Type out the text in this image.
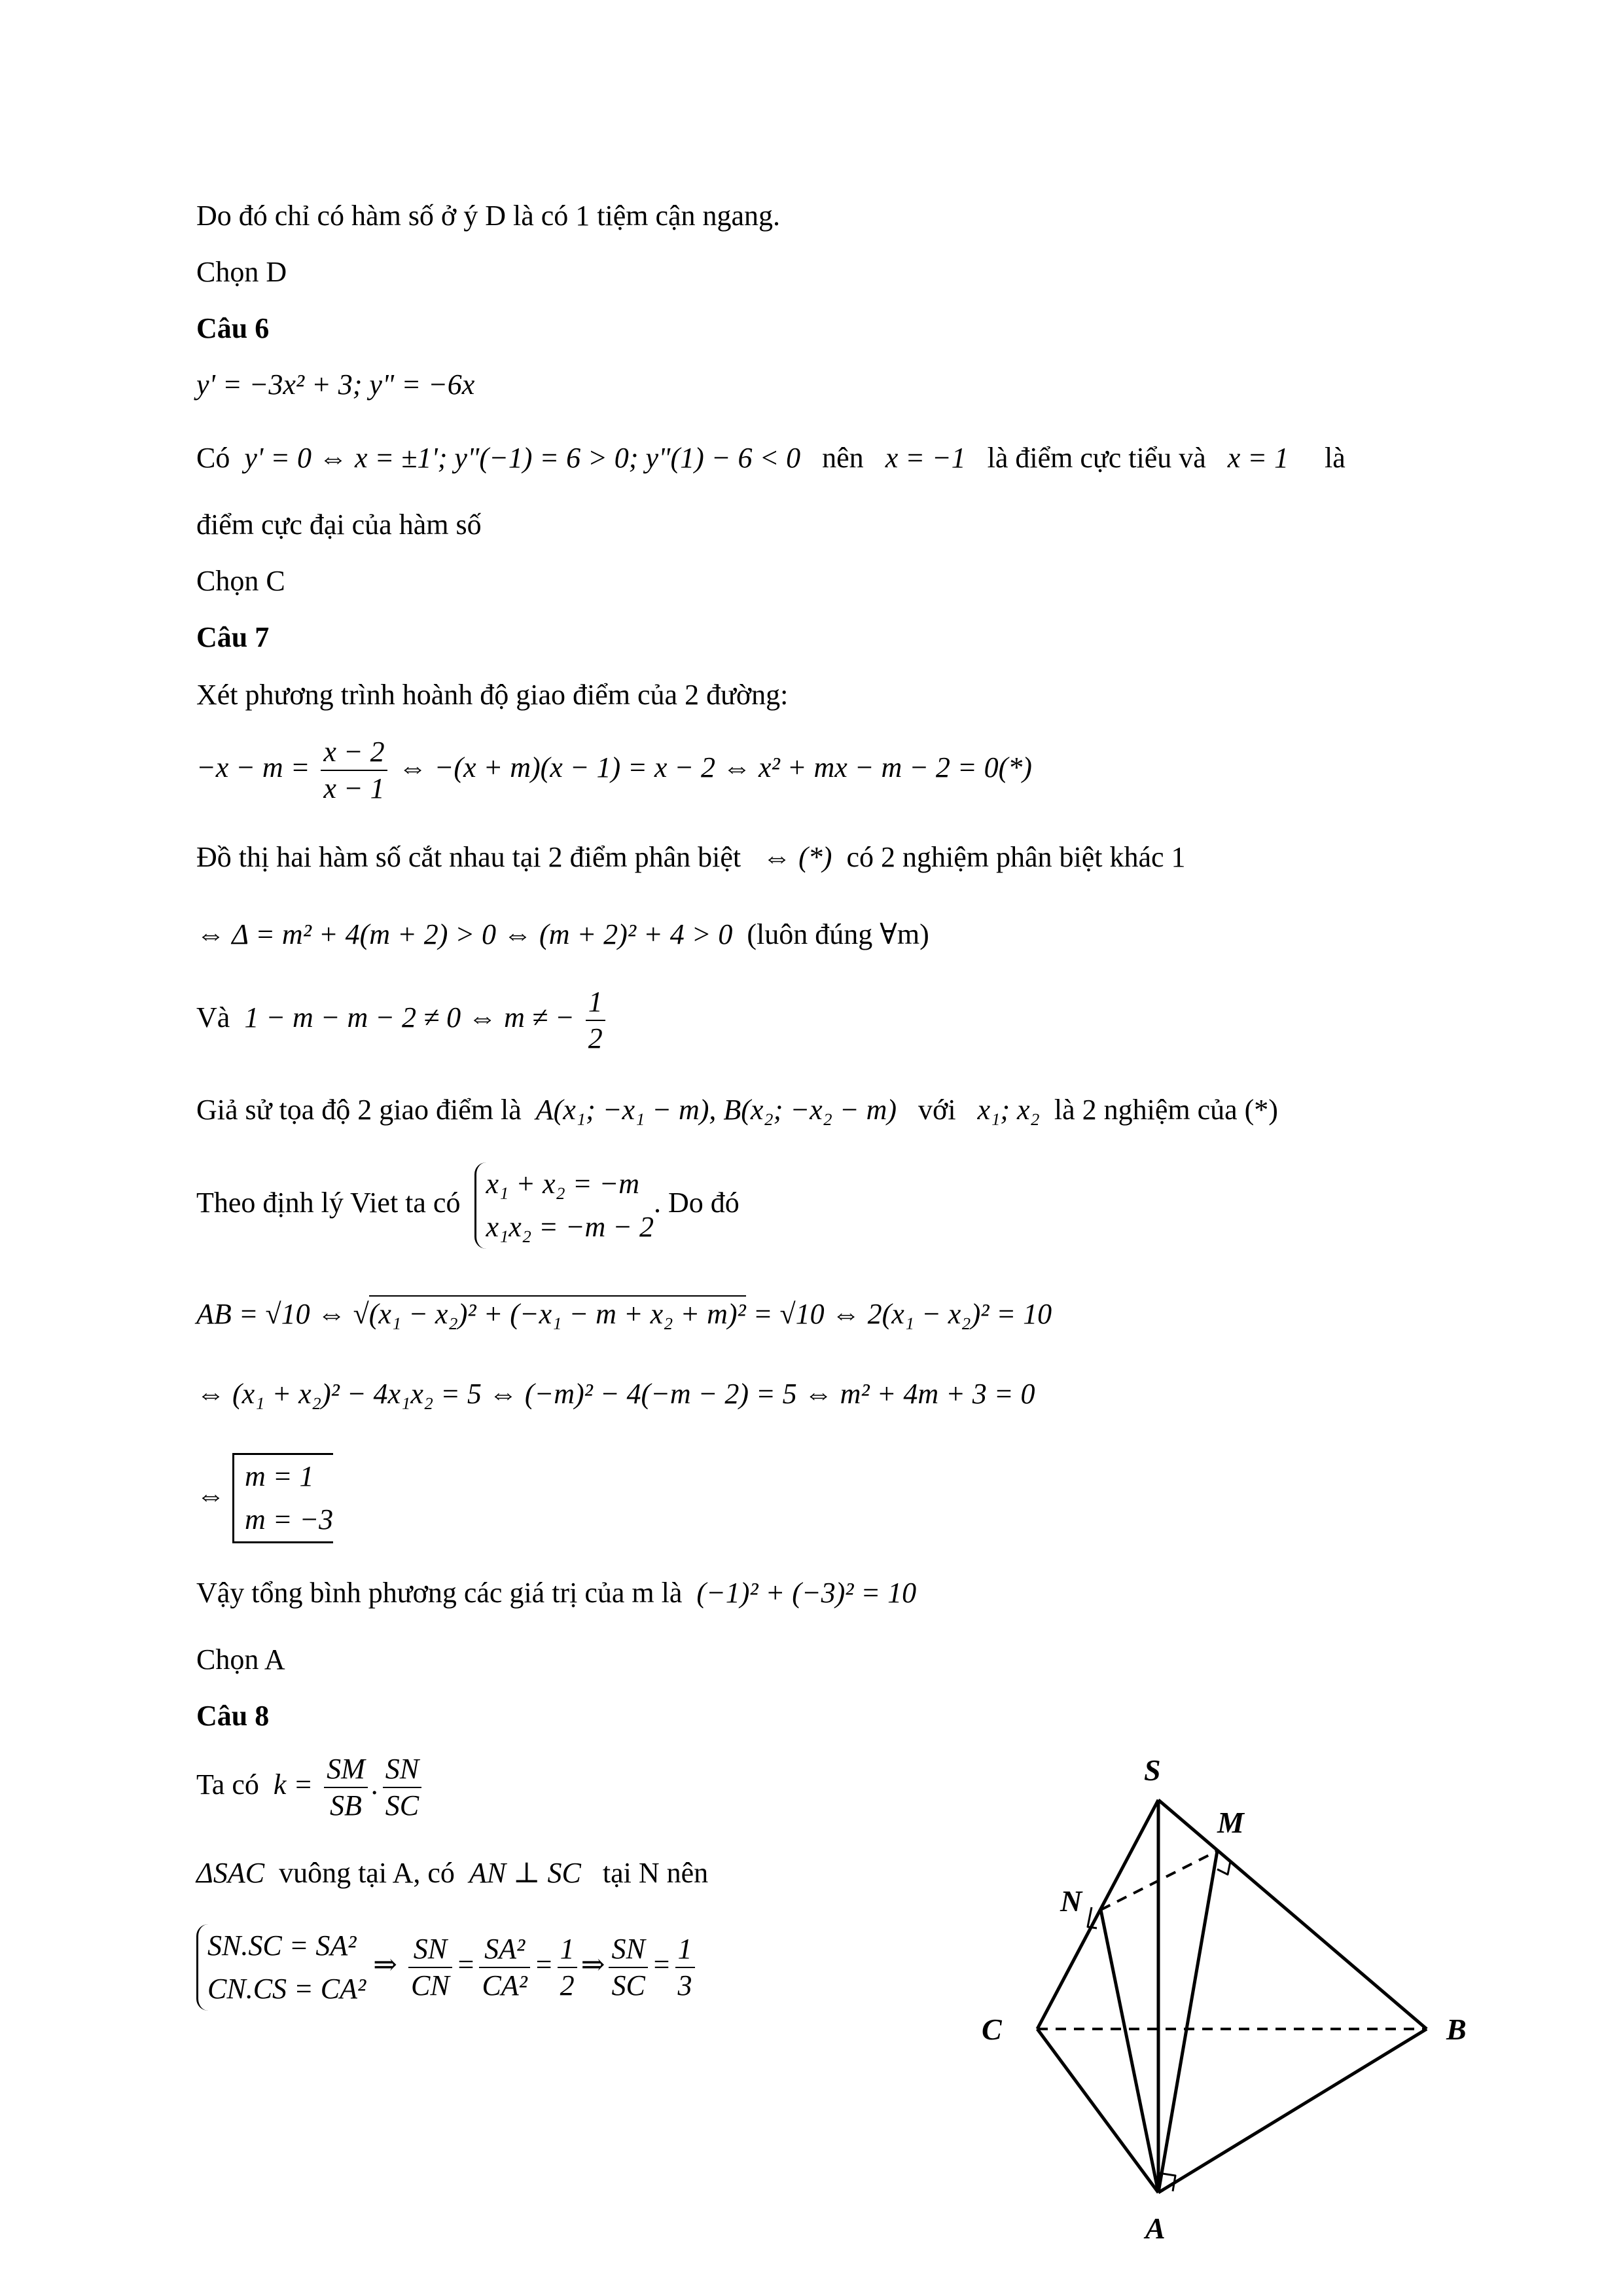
Do đó chỉ có hàm số ở ý D là có 1 tiệm cận ngang.
Chọn D
Câu 6
y' = −3x² + 3; y" = −6x
Có y' = 0 ⇔ x = ±1'; y"(−1) = 6 > 0; y"(1) − 6 < 0 nên x = −1 là điểm cực tiểu và x = 1 là
điểm cực đại của hàm số
Chọn C
Câu 7
Xét phương trình hoành độ giao điểm của 2 đường:
$-x - m = \frac{x - 2}{x - 1}$ ⇔ −(x + m)(x − 1) = x − 2 ⇔ x² + mx − m − 2 = 0(*)
Đồ thị hai hàm số cắt nhau tại 2 điểm phân biệt ⇔ (*) có 2 nghiệm phân biệt khác 1
⇔ Δ = m² + 4(m + 2) > 0 ⇔ (m + 2)² + 4 > 0 (luôn đúng ∀m)
Và 1 − m − m − 2 ≠ 0 ⇔ m ≠ − $\frac{1}{2}$
Giả sử tọa độ 2 giao điểm là A(x₁; −x₁ − m), B(x₂; −x₂ − m) với x₁; x₂ là 2 nghiệm của (*)
Theo định lý Viet ta có
x₁ + x₂ = −m
x₁x₂ = −m − 2
. Do đó
AB = √10 ⇔ √(x₁ − x₂)² + (−x₁ − m + x₂ + m)² = √10 ⇔ 2(x₁ − x₂)² = 10
⇔ (x₁ + x₂)² − 4x₁x₂ = 5 ⇔ (−m)² − 4(−m − 2) = 5 ⇔ m² + 4m + 3 = 0
⇔
m = 1
m = −3
Vậy tổng bình phương các giá trị của m là (−1)² + (−3)² = 10
Chọn A
Câu 8
Ta có $k = \frac{SM}{SB}$ . $\frac{SN}{SC}$
ΔSAC vuông tại A, có AN ⊥ SC tại N nên
SN.SC = SA²
CN.CS = CA²
⇒ $\frac{SN}{CN} = \frac{\text{SA²}}{\text{CA²}} = \frac{1}{2}$ ⇒ $\frac{SN}{SC} = \frac{1}{3}$
S
M
N
C	B
A
